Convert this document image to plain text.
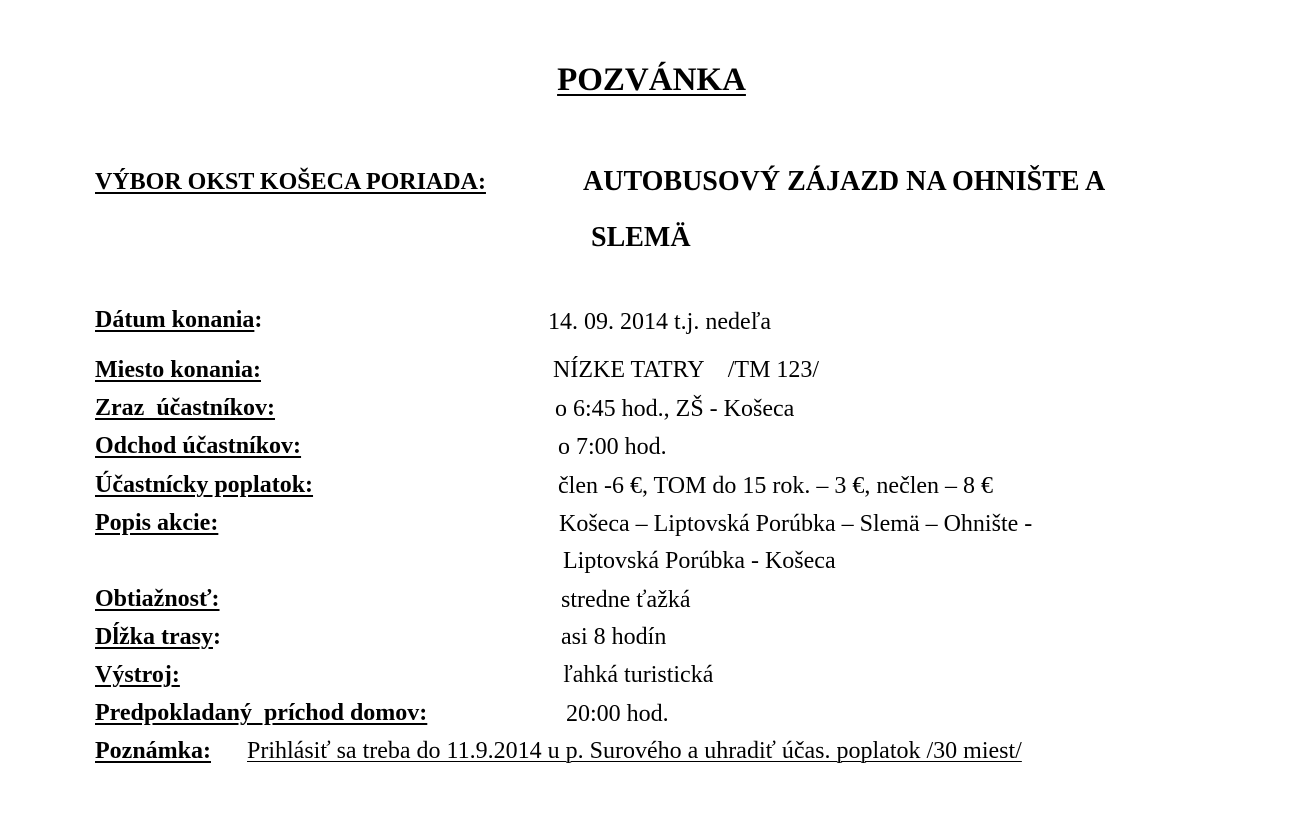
POZVÁNKA
VÝBOR OKST KOŠECA PORIADA:	AUTOBUSOVÝ ZÁJAZD NA OHNIŠTE A
SLEMÄ
Dátum konania:	14. 09. 2014 t.j. nedeľa
Miesto konania:	NÍZKE TATRY    /TM 123/
Zraz  účastníkov:	o 6:45 hod., ZŠ - Košeca
Odchod účastníkov:	o 7:00 hod.
Účastnícky poplatok:	člen -6 €, TOM do 15 rok. – 3 €, nečlen – 8 €
Popis akcie:	Košeca – Liptovská Porúbka – Slemä – Ohnište -
Liptovská Porúbka - Košeca
Obtiažnosť:	stredne ťažká
Dĺžka trasy:	asi 8 hodín
Výstroj:	ľahká turistická
Predpokladaný  príchod domov:	20:00 hod.
Poznámka: Prihlásiť sa treba do 11.9.2014 u p. Surového a uhradiť účas. poplatok /30 miest/
